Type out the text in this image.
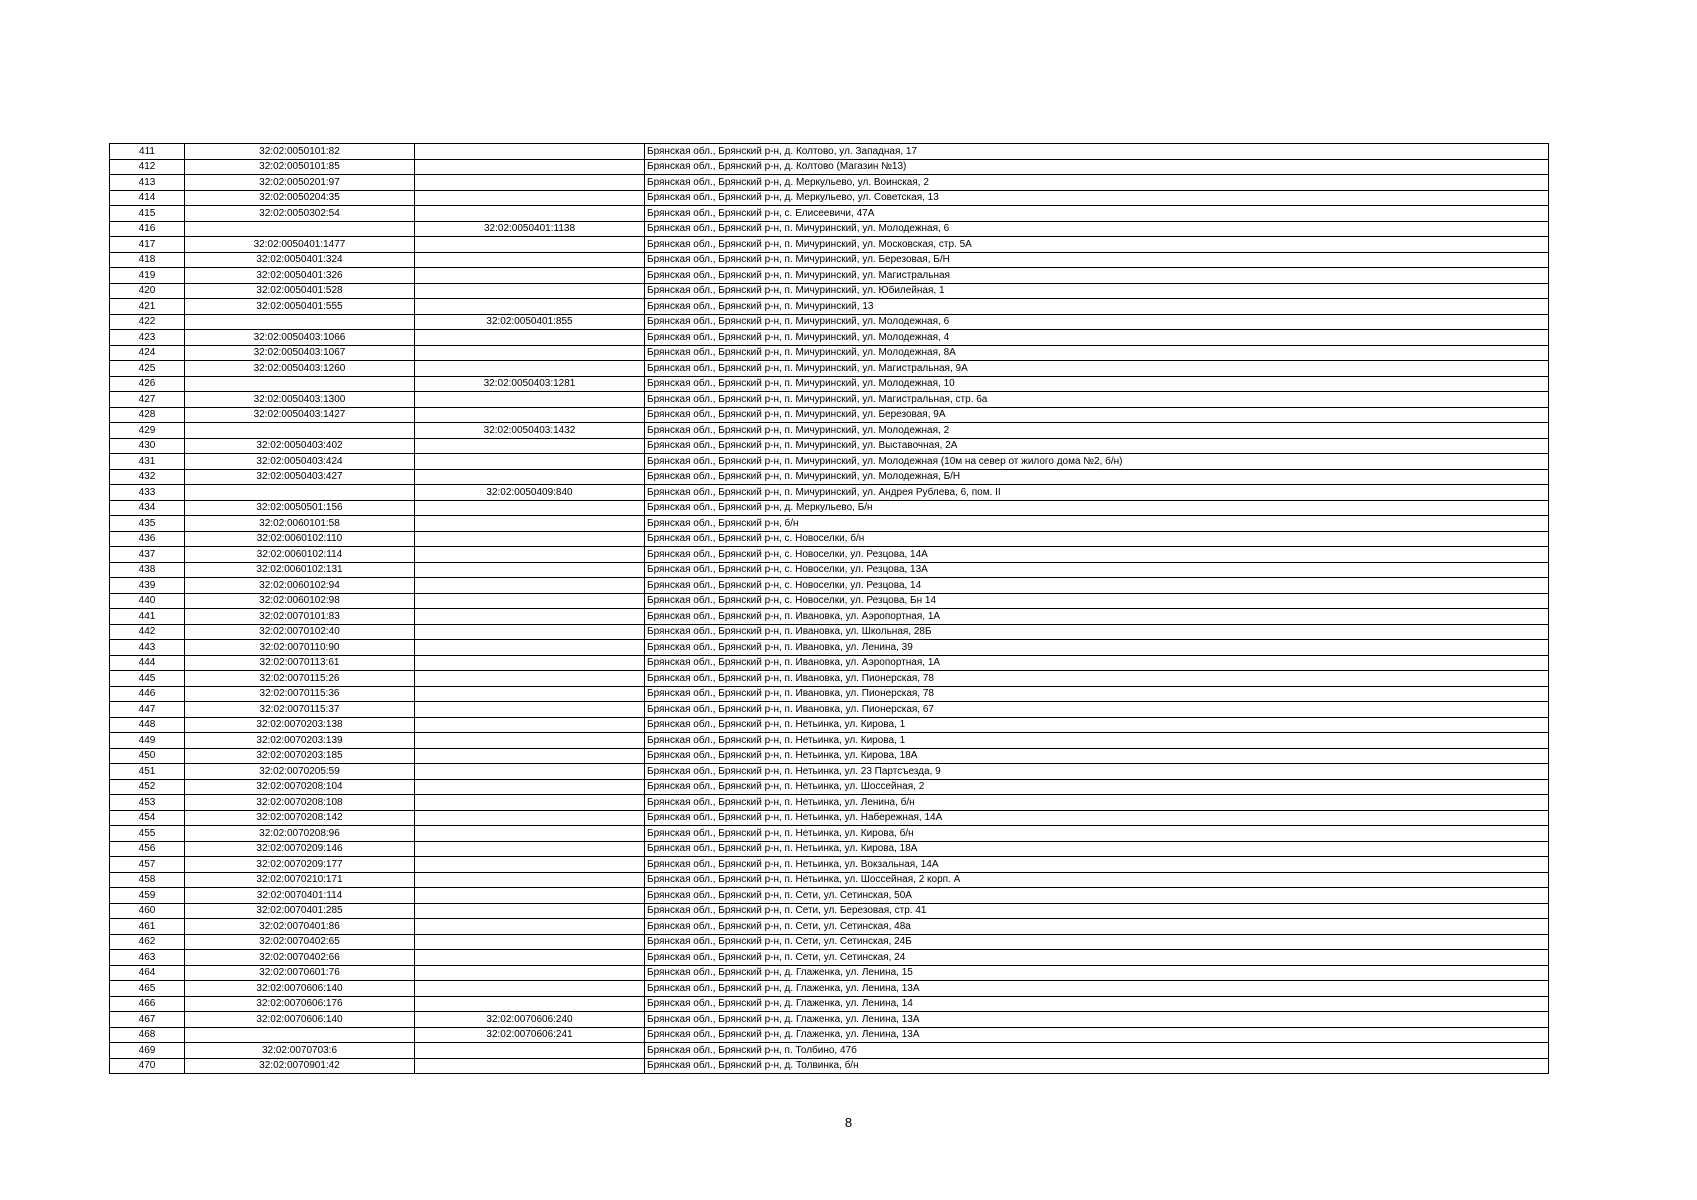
411	32:02:0050101:82		Брянская обл., Брянский р-н, д. Колтово, ул. Западная, 17
412	32:02:0050101:85		Брянская обл., Брянский р-н, д. Колтово (Магазин №13)
413	32:02:0050201:97		Брянская обл., Брянский р-н, д. Меркульево, ул. Воинская, 2
414	32:02:0050204:35		Брянская обл., Брянский р-н, д. Меркульево, ул. Советская, 13
415	32:02:0050302:54		Брянская обл., Брянский р-н, с. Елисеевичи, 47А
416		32:02:0050401:1138	Брянская обл., Брянский р-н, п. Мичуринский, ул. Молодежная, 6
417	32:02:0050401:1477		Брянская обл., Брянский р-н, п. Мичуринский, ул. Московская, стр. 5А
418	32:02:0050401:324		Брянская обл., Брянский р-н, п. Мичуринский, ул. Березовая, Б/Н
419	32:02:0050401:326		Брянская обл., Брянский р-н, п. Мичуринский, ул. Магистральная
420	32:02:0050401:528		Брянская обл., Брянский р-н, п. Мичуринский, ул. Юбилейная, 1
421	32:02:0050401:555		Брянская обл., Брянский р-н, п. Мичуринский, 13
422		32:02:0050401:855	Брянская обл., Брянский р-н, п. Мичуринский, ул. Молодежная, 6
423	32:02:0050403:1066		Брянская обл., Брянский р-н, п. Мичуринский, ул. Молодежная, 4
424	32:02:0050403:1067		Брянская обл., Брянский р-н, п. Мичуринский, ул. Молодежная, 8А
425	32:02:0050403:1260		Брянская обл., Брянский р-н, п. Мичуринский, ул. Магистральная, 9А
426		32:02:0050403:1281	Брянская обл., Брянский р-н, п. Мичуринский, ул. Молодежная, 10
427	32:02:0050403:1300		Брянская обл., Брянский р-н, п. Мичуринский, ул. Магистральная, стр. 6а
428	32:02:0050403:1427		Брянская обл., Брянский р-н, п. Мичуринский, ул. Березовая, 9А
429		32:02:0050403:1432	Брянская обл., Брянский р-н, п. Мичуринский, ул. Молодежная, 2
430	32:02:0050403:402		Брянская обл., Брянский р-н, п. Мичуринский, ул. Выставочная, 2А
431	32:02:0050403:424		Брянская обл., Брянский р-н, п. Мичуринский, ул. Молодежная (10м на север от жилого дома №2, б/н)
432	32:02:0050403:427		Брянская обл., Брянский р-н, п. Мичуринский, ул. Молодежная, Б/Н
433		32:02:0050409:840	Брянская обл., Брянский р-н, п. Мичуринский, ул. Андрея Рублева, 6, пом. II
434	32:02:0050501:156		Брянская обл., Брянский р-н, д. Меркульево, Б/н
435	32:02:0060101:58		Брянская обл., Брянский р-н, б/н
436	32:02:0060102:110		Брянская обл., Брянский р-н, с. Новоселки, б/н
437	32:02:0060102:114		Брянская обл., Брянский р-н, с. Новоселки, ул. Резцова, 14А
438	32:02:0060102:131		Брянская обл., Брянский р-н, с. Новоселки, ул. Резцова, 13А
439	32:02:0060102:94		Брянская обл., Брянский р-н, с. Новоселки, ул. Резцова, 14
440	32:02:0060102:98		Брянская обл., Брянский р-н, с. Новоселки, ул. Резцова, Бн 14
441	32:02:0070101:83		Брянская обл., Брянский р-н, п. Ивановка, ул. Аэропортная, 1А
442	32:02:0070102:40		Брянская обл., Брянский р-н, п. Ивановка, ул. Школьная, 28Б
443	32:02:0070110:90		Брянская обл., Брянский р-н, п. Ивановка, ул. Ленина, 39
444	32:02:0070113:61		Брянская обл., Брянский р-н, п. Ивановка, ул. Аэропортная, 1А
445	32:02:0070115:26		Брянская обл., Брянский р-н, п. Ивановка, ул. Пионерская, 78
446	32:02:0070115:36		Брянская обл., Брянский р-н, п. Ивановка, ул. Пионерская, 78
447	32:02:0070115:37		Брянская обл., Брянский р-н, п. Ивановка, ул. Пионерская, 67
448	32:02:0070203:138		Брянская обл., Брянский р-н, п. Нетьинка, ул. Кирова, 1
449	32:02:0070203:139		Брянская обл., Брянский р-н, п. Нетьинка, ул. Кирова, 1
450	32:02:0070203:185		Брянская обл., Брянский р-н, п. Нетьинка, ул. Кирова, 18А
451	32:02:0070205:59		Брянская обл., Брянский р-н, п. Нетьинка, ул. 23 Партсъезда, 9
452	32:02:0070208:104		Брянская обл., Брянский р-н, п. Нетьинка, ул. Шоссейная, 2
453	32:02:0070208:108		Брянская обл., Брянский р-н, п. Нетьинка, ул. Ленина, б/н
454	32:02:0070208:142		Брянская обл., Брянский р-н, п. Нетьинка, ул. Набережная, 14А
455	32:02:0070208:96		Брянская обл., Брянский р-н, п. Нетьинка, ул. Кирова, б/н
456	32:02:0070209:146		Брянская обл., Брянский р-н, п. Нетьинка, ул. Кирова, 18А
457	32:02:0070209:177		Брянская обл., Брянский р-н, п. Нетьинка, ул. Вокзальная, 14А
458	32:02:0070210:171		Брянская обл., Брянский р-н, п. Нетьинка, ул. Шоссейная, 2 корп. А
459	32:02:0070401:114		Брянская обл., Брянский р-н, п. Сети, ул. Сетинская, 50А
460	32:02:0070401:285		Брянская обл., Брянский р-н, п. Сети, ул. Березовая, стр. 41
461	32:02:0070401:86		Брянская обл., Брянский р-н, п. Сети, ул. Сетинская, 48а
462	32:02:0070402:65		Брянская обл., Брянский р-н, п. Сети, ул. Сетинская, 24Б
463	32:02:0070402:66		Брянская обл., Брянский р-н, п. Сети, ул. Сетинская, 24
464	32:02:0070601:76		Брянская обл., Брянский р-н, д. Глаженка, ул. Ленина, 15
465	32:02:0070606:140		Брянская обл., Брянский р-н, д. Глаженка, ул. Ленина, 13А
466	32:02:0070606:176		Брянская обл., Брянский р-н, д. Глаженка, ул. Ленина, 14
467	32:02:0070606:140	32:02:0070606:240	Брянская обл., Брянский р-н, д. Глаженка, ул. Ленина, 13А
468		32:02:0070606:241	Брянская обл., Брянский р-н, д. Глаженка, ул. Ленина, 13А
469	32:02:0070703:6		Брянская обл., Брянский р-н, п. Толбино, 47б
470	32:02:0070901:42		Брянская обл., Брянский р-н, д. Толвинка, б/н
8
